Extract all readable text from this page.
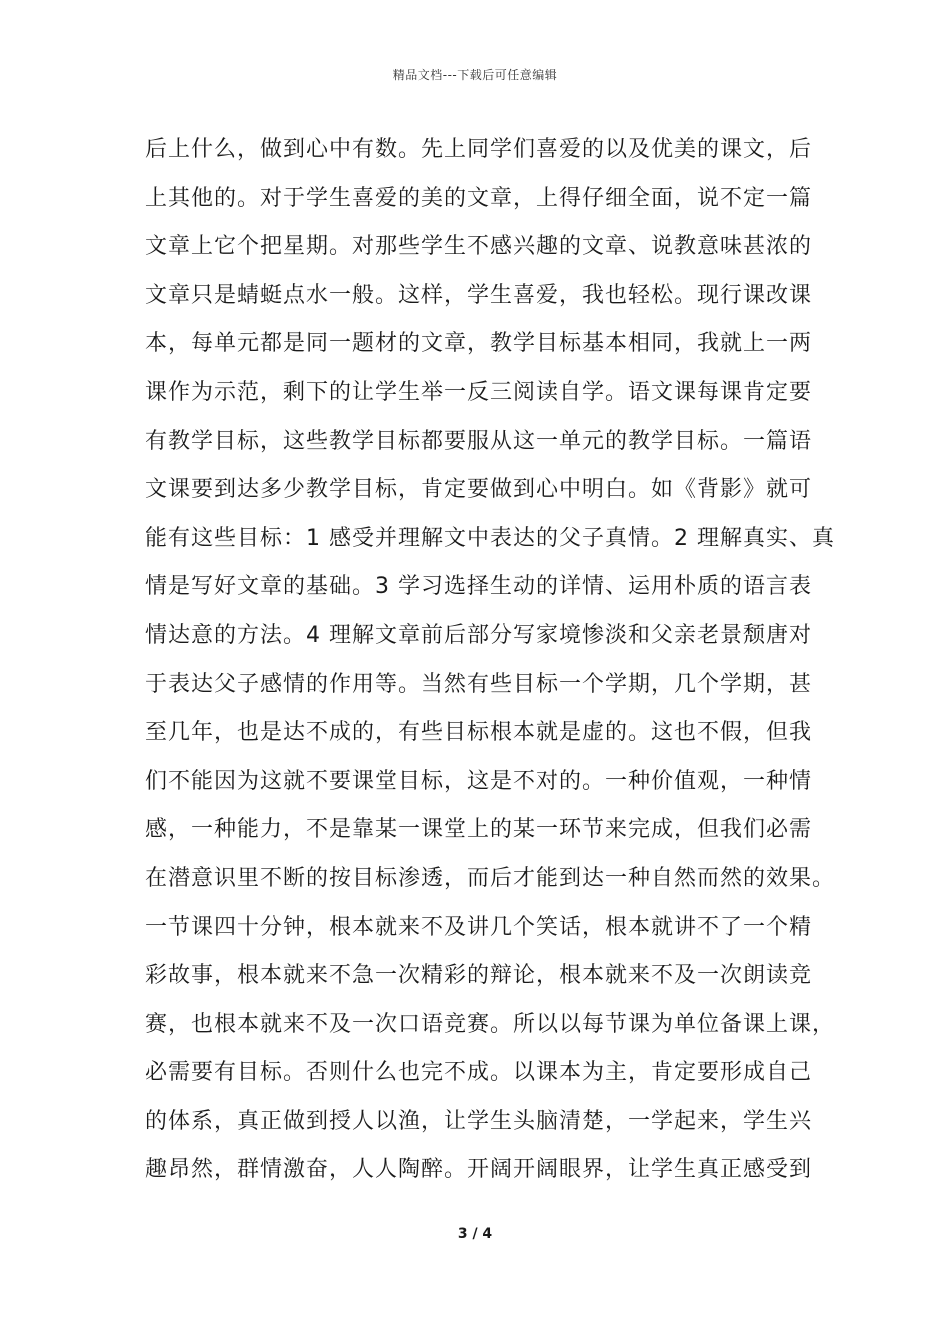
精品文档---下载后可任意编辑
后上什么，做到心中有数。先上同学们喜爱的以及优美的课文，后
上其他的。对于学生喜爱的美的文章，上得仔细全面，说不定一篇
文章上它个把星期。对那些学生不感兴趣的文章、说教意味甚浓的
文章只是蜻蜓点水一般。这样，学生喜爱，我也轻松。现行课改课
本，每单元都是同一题材的文章，教学目标基本相同，我就上一两
课作为示范，剩下的让学生举一反三阅读自学。语文课每课肯定要
有教学目标，这些教学目标都要服从这一单元的教学目标。一篇语
文课要到达多少教学目标，肯定要做到心中明白。如《背影》就可
能有这些目标：1 感受并理解文中表达的父子真情。2 理解真实、真
情是写好文章的基础。3 学习选择生动的详情、运用朴质的语言表
情达意的方法。4 理解文章前后部分写家境惨淡和父亲老景颓唐对
于表达父子感情的作用等。当然有些目标一个学期，几个学期，甚
至几年，也是达不成的，有些目标根本就是虚的。这也不假，但我
们不能因为这就不要课堂目标，这是不对的。一种价值观，一种情
感，一种能力，不是靠某一课堂上的某一环节来完成，但我们必需
在潜意识里不断的按目标渗透，而后才能到达一种自然而然的效果。
一节课四十分钟，根本就来不及讲几个笑话，根本就讲不了一个精
彩故事，根本就来不急一次精彩的辩论，根本就来不及一次朗读竞
赛，也根本就来不及一次口语竞赛。所以以每节课为单位备课上课，
必需要有目标。否则什么也完不成。以课本为主，肯定要形成自己
的体系，真正做到授人以渔，让学生头脑清楚，一学起来，学生兴
趣昂然，群情激奋，人人陶醉。开阔开阔眼界，让学生真正感受到
3 / 4
